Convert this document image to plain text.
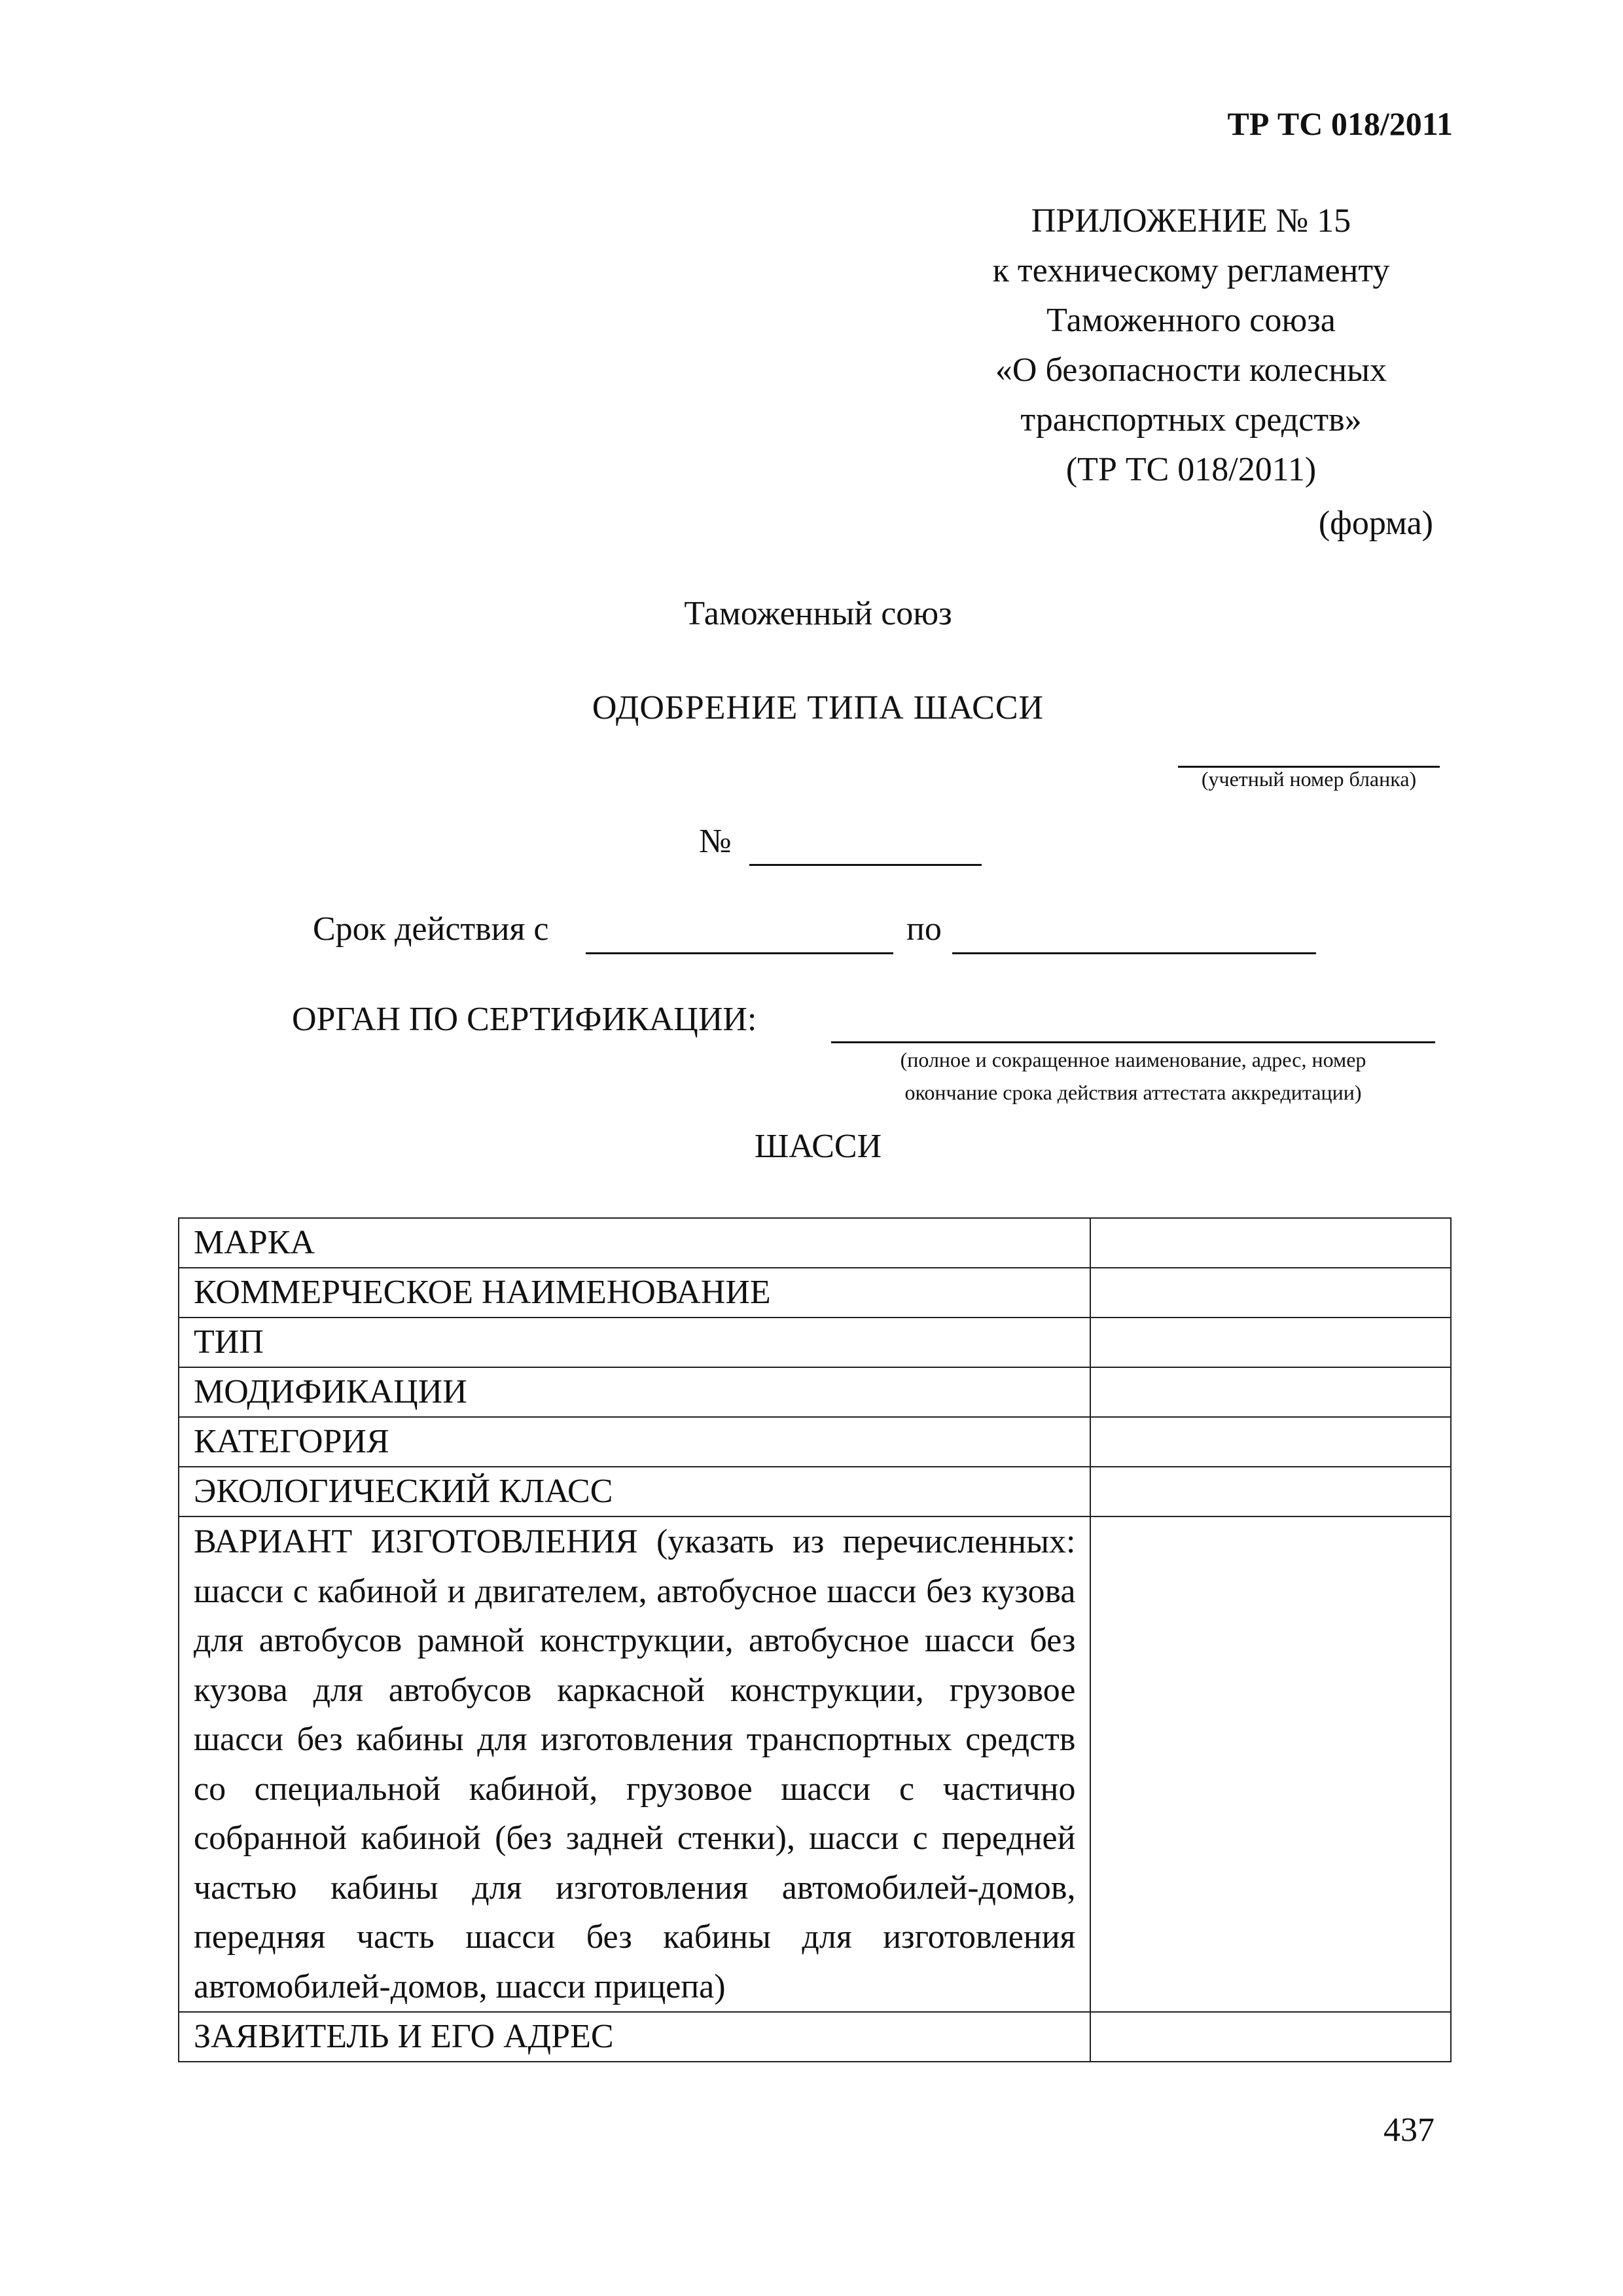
ТР ТС 018/2011
ПРИЛОЖЕНИЕ № 15
к техническому регламенту
Таможенного союза
«О безопасности колесных
транспортных средств»
(ТР ТС 018/2011)
(форма)
Таможенный союз
ОДОБРЕНИЕ ТИПА ШАССИ
(учетный номер бланка)
№
Срок действия с	по
ОРГАН ПО СЕРТИФИКАЦИИ:
(полное и сокращенное наименование, адрес, номер
окончание срока действия аттестата аккредитации)
ШАССИ
МАРКА	
КОММЕРЧЕСКОЕ НАИМЕНОВАНИЕ	
ТИП	
МОДИФИКАЦИИ	
КАТЕГОРИЯ	
ЭКОЛОГИЧЕСКИЙ КЛАСС	
ВАРИАНТ ИЗГОТОВЛЕНИЯ (указать из перечисленных: шасси с кабиной и двигателем, автобусное шасси без кузова для автобусов рамной конструкции, автобусное шасси без кузова для автобусов каркасной конструкции, грузовое шасси без кабины для изготовления транспортных средств со специальной кабиной, грузовое шасси с частично собранной кабиной (без задней стенки), шасси с передней частью кабины для изготовления автомобилей-домов, передняя часть шасси без кабины для изготовления автомобилей-домов, шасси прицепа)	
ЗАЯВИТЕЛЬ И ЕГО АДРЕС	
437
